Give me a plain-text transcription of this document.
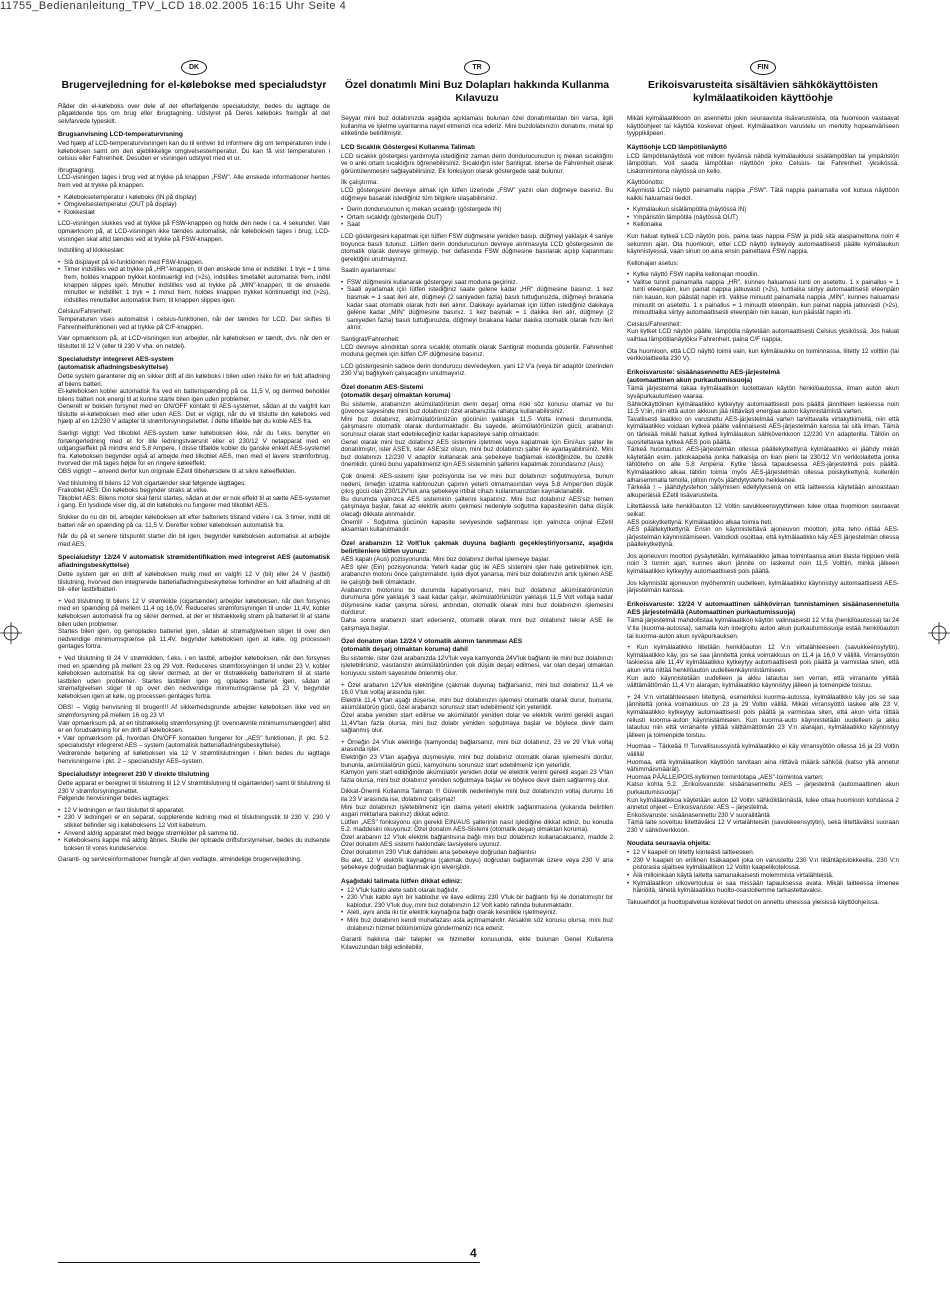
11755_Bedienanleitung_TPV_LCD 18.02.2005 16:15 Uhr Seite 4
DK
Brugervejledning for el-kølebokse med specialudstyr

Råder din el-køleboks over dele af det efterfølgende specialudstyr, bedes du iagttage de pågældende tips om brug eller ibrugtagning. Udstyret på Deres køleboks fremgår af det selvfarvede typeskilt.

Brugsanvisning LCD-temperaturvisning

Ved hjælp af LCD-temperaturvisningen kan du til enhver tid informere dig om temperaturen inde i køleboksen samt om den øjeblikkelige omgivelsestemperatur. Du kan få vist temperaturen i celsius eller Fahrenheit. Desuden er visningen udstyret med et ur.

Ibrugtagning:
LCD-visningen tages i brug ved at trykke på knappen „FSW". Alle ønskede informationer hentes frem ved at trykke på knappen.

• Køleboksetemperatur i køleboks (IN på display)
• Omgivelsestemperatur (OUT på display)
• Klokkeslæt

LCD-visningen slukkes ved at trykke på FSW-knappen og holde den nede i ca. 4 sekunder. Vær opmærksom på, at LCD-visningen ikke tændes automatisk, når køleboksen tages i brug; LCD-visningen skal altid tændes ved at trykke på FSW-knappen.

Indstilling af klokkeslæt:

• Slå displayet på ki-funktionen med FSW-knappen.
• Timer indstilles ved at trykke på „HR"-knappen, til den ønskede time er indstillet. 1 tryk = 1 time frem, holdes knappen trykket kontinuerligt ind (>2s), indstilles timetallet automatisk frem, indtil knappen slippes igen. Minutter indstilles ved at trykke på „MIN"-knappen, til de ønskede minutter er indstillet: 1 tryk = 1 minut frem, holdes knappen trykket kontinuerligt ind (>2s), indstilles minuttallet automatisk frem, til knappen slippes igen.

Celsius/Fahrenheit:
Temperaturen vises automatisk i celsius-funktionen, når der tændes for LCD. Der skiftes til Fahrenheitfunktionen ved at trykke på C/F-knappen.

Vær opmærksom på, at LCD-visningen kun arbejder, når køleboksen er tændt, dvs. når den er tilsluttet til 12 V (eller til 230 V vha. en netdel).

Specialudstyr integreret AES-system
(automatisk afladningsbeskyttelse)

Dette system garanterer dig en sikker drift af din køleboks i bilen uden risiko for en fuld afladning af bilens batteri.
El-køleboksen kobler automatisk fra ved en batterispænding på ca. 11,5 V, og dermed beholder bilens batteri nok energi til at kunne starte bilen igen uden problemer.
Generelt er boksen forsynet med en ON/OFF kontakt til AES-systemet, sådan at du valgfrit kan tilslutte el-køleboksen med eller uden AES. Det er vigtigt, når du vil tilslutte din køleboks ved hjælp af en 12/230 V adapter til strømforsyningsnettet. I dette tilfælde bør du koble AES fra.

Særligt vigtigt: Ved tilkoblet AES-system køler køleboksen ikke, når du f.eks. benytter en forlængerledning med et for lille ledningstværsnit eller et 230/12 V netapparat med en udgangseffekt på mindre end 5,8 Ampere. I disse tilfælde kobler du ganske enkelt AES-systemet fra. Køleboksen begynder også at arbejde med tilkoblet AES, men med et lavere strømforbrug, hvorved der må tages højde for en ringere køleeffekt.
OBS vigtigt! – anvend derfor kun originale EZetil tilbehørsdele til at sikre køleeffekten.

Ved tilslutning til bilens 12 Volt cigartænder skal følgende iagttages:
Frakoblet AES: Din køleboks begynder straks at virke.
Tilkoblet AES: Bilens motor skal først startes, sådan at der er nok effekt til at sætte AES-systemet i gang. En lysdiode viser dig, at din køleboks nu fungerer med tilkoblet AES.

Slukker du nu din bil, arbejder køleboksen alt efter batteriets tilstand videre i ca. 3 timer, indtil dit batteri når en spænding på ca. 11,5 V. Derefter kobler køleboksen automatisk fra.

Når du på et senere tidspunkt starter din bil igen, begynder køleboksen automatisk at arbejde med AES.

Specialudstyr 12/24 V automatisk strømidentifikation med integreret AES (automatisk afladningsbeskyttelse)

Dette system gør en drift af køleboksen mulig med en valgfri 12 V (bil) eller 24 V (lastbil) tilslutning, hvorved den integrerede batteriafladningsbeskyttelse forhindrer en fuld afladning af dit bil- eller lastbilbatteri.

+ Ved tilslutning til bilens 12 V strømkilde (cigartænder) arbejder køleboksen, når den forsynes med en spænding på mellem 11,4 og 16,0V. Reduceres strømforsyningen til under 11,4V, kobler køleboksen automatisk fra og sikrer dermed, at der er tilstrækkelig strøm på batteriet til at starte bilen uden problemer.
Startes bilen igen, og genoplades batteriet igen, sådan at strømafgivelsen stiger til over den nedvendige minimumsgrænse på 11,4V, begynder køleboksen igen at køle, og processen gentages fortra.

+ Ved tilslutning til 24 V strømkilden, f.eks. i en lastbil, arbejder køleboksen, når den forsynes med en spænding på mellem 23 og 29 Volt. Reduceres strømforsyningen til under 23 V, kobler køleboksen automatisk fra og sikrer dermed, at der er tilstrækkelig batteristrøm til at starte lastbilen uden problemer. Startes lastbilen igen og oplades batteriet igen, sådan at strømafgivelsen stiger til op over den nedvendige minimumsgrænse på 23 V, begynder køleboksen igen at køle, og processen gentages fortra.

OBS! – Vigtig henvisning til brugen!!! Af sikkerhedsgrunde arbejder køleboksen ikke ved en strømforsyning på mellem 16 og 23 V!
Vær opmærksom på, at en tilstrækkelig strømforsyning (jf. ovennævnte minimumsmængder) altid er en forudsætning for en drift af køleboksen.
• Vær opmærksom på, hvordan ON/OFF kontakten fungerer for „AES" funktionen, jf. pkt. 5.2. specialudstyr integreret AES – system (automatisk batteriafladningsbeskyttelse).
Vedrørende betjening af køleboksen via 12 V strømtilslutningen i bilen bedes du iagttage henvisningerne i pkt. 2 – specialudstyr AES–system.

Specialudstyr integreret 230 V direkte tilslutning

Dette apparat er beregnet til tilslutning til 12 V strømtilslutning til cigartænder) samt til tilslutning til 230 V strømforsyningsnettet.
Følgende henvisninger bedes iagttages:

• 12 V ledningen er fast tilsluttet til apparatet.
• 230 V ledningen er en separat, supplerende ledning med et tilslutningsstik til 230 V. 230 V stikket befinder sig i køleboksens 12 Volt kabelrum.
• Anvend aldrig apparatet med begge strømkilder på samme tid.
• Køleboksens kappe må aldrig åbnes. Skulle der optræde driftsforstyrrelser, bedes du indsende boksen til vores kundeservice.

Garanti- og serviceinformationer fremgår af den vedlagte, almindelige brugervejledning.

TR
Özel donatımlı Mini Buz Dolapları hakkında Kullanma Kılavuzu

Seyyar mini buz dolabınızda aşağıda açıklaması bulunan özel donatımlardan biri varsa, ilgili kullanma ve işletme uyarılarına nayet etmenizi rica ederiz. Mini buzdolabınızın donatımı, metal tip etiketinde belirtilmiştir.

LCD Sıcaklık Göstergesi Kullanma Talimatı

LCD sıcaklık göstergesi yardımıyla istediğiniz zaman derin dondurucunuzun iç mekan sıcaklığını ve o anki ortam sıcaklığını öğrenebilirsiniz. Sıcaklığın ister Santigrat, isterse de Fahrenheit olarak görüntülenmesini sağlayabilirsiniz. Ek fonksiyon olarak göstergede saat bulunur.

İlk çalıştırma:
LCD göstergesini devreye almak için lütfen üzerinde „FSW" yazılı olan düğmeye basınız. Bu düğmeye basarak istediğiniz tüm bilgilere ulaşabilirsiniz.

• Derin dondurucunun iç mekan sıcaklığı (göstergede IN)
• Ortam sıcaklığı (göstergede OUT)
• Saat

LCD göstergesini kapatmak için lütfen FSW düğmesine yeniden basıp, düğmeyi yaklaşık 4 saniye boyunca basılı tutunuz. Lütfen derin dondurucunun devreye alınmasıyla LCD göstergesinin de otomatik olarak devreye girmeyip, her defasında FSW düğmesine basılarak açılıp kapanması gerektiğini unutmayınız.

Saatin ayarlanması:

• FSW düğmesini kullanarak göstergeyi saat moduna geçiriniz.
• Saati ayarlamak için lütfen istediğiniz saate gelene kadar „HR" düğmesine basınız. 1 kez basmak = 1 saat ileri alır, düğmeyi (2 saniyeden fazla) basılı tuttuğunuzda, düğmeyi bırakana kadar saat otomatik olarak hızlı ileri alınır. Dakikayı ayarlamak için lütfen istediğiniz dakikaya gelene kadar „MIN" düğmesine basınız. 1 kez basmak = 1 dakika ileri alır, düğmeyi (2 saniyeden fazla) basılı tuttuğunuzda, düğmeyi bırakana kadar dakika otomatik olarak hızlı ileri alınır.

Santigrat/Fahrenheit:
LCD devreye alındıktan sonra sıcaklık otomatik olarak Santigrat modunda gösterilir. Fahrenheit moduna geçmek için lütfen C/F düğmesine basınız.

LCD göstergesinin sadece derin dondurucu devredeyken, yani 12 V'a (veya bir adaptör üzerinden 230 V'a) bağlıyken çalışacağını unutmayınız.

Özel donatım AES-Sistemi
(otomatik deşarj olmaktan koruma)

Bu sistemle, arabanızın akümülatörünün derin deşarj olma riski söz konusu olamaz ve bu güvence sayesinde mini buz dolabınızı özel arabanızda rahatça kullanabilirsiniz.
Mini buz dolabınız, akümülatörünüzün gücünün yaklaşık 11,5 Volta inmesi durumunda, çalışmasını otomatik olarak durdurmaktadır. Bu sayede, akümülatörünüzün gücü, arabanızı sorunsuz olarak start edebileceğiniz kadar kapasiteye sahip olmaktadır.
Genel olarak mini buz dolabınız AES sistemini işletmek veya kapatmak için Ein/Aus şalter ile donatılmıştır, ister ASE'li, ister ASE'siz olsun, mini buz dolabınızı şalter ile ayarlayabilirsiniz. Mini buz dolabınızı 12/230 V adaptör kullanarak ana şebekeye bağlamak istediğinizde, bu özellik önemlidir, çünkü bunu yapabilmeniz için AES sisteminin şalterini kapatmak zorundasınız (Aus).

Çok önemli: AES-sistemi işler pozisyonda ise ve mini buz dolabınızı soğutmuyorsa, bunun nedeni, örneğin uzatma kablonuzun çapının yeterli olmamasından veya 5,8 Amper'den düşük çıkış gücü olan 230/12V'luk ana şebekeye irtibat cihazı kullanmanızdan kaynaklanabilir.
Bu durumda yalnızca AES sisteminin şalterini kapatınız. Mini buz dolabınız AES'siz hemen çalışmaya başlar, fakat az elektrik akımı çekmesi nedeniyle soğutma kapasitesinin daha düşük olacağı dikkate alınmalıdır.
Önemli! - Soğutma gücünün kapasite seviyesinde sağlanması için yalnızca orijinal EZetil aksamları kullanılmalıdır.

Özel arabanızın 12 Volt'luk çakmak duyuna bağlantı geçekleştiriyorsanız, aşağıda belirtilenlere lütfen uyunuz:

AES kapalı (Aus) pozisyonunda: Mini buz dolabınız derhal işlemeye başlar.
AES işler (Ein) pozisyonunda: Yeterli kadar güç ile AES sistemini işler hale getirebilmek için, arabanızın motoru önce çalıştırmalıdır. Işıklı diyot yanarsa, mini buz dolabınızın artık işlenen ASE ile çalıştığı belli olmaktadır.
Arabanızın motorunu bu durumda kapatıyorsanız, mini buz dolabınız akümülatörünüzün durumuna göre yaklaşık 3 saat kadar çalışır, akümülatörünüzün yaklaşık 11,5 Volt voltaja kadar düşmesine kadar çalışma süresi, ardından, otomatik olarak mini buz dolabınızın işlemesini durdurur.
Daha sonra arabanızı start ederseniz, otomatik olarak mini buz dolabınız tekrar ASE ile çalışmaya başlar.

Özel donatım olan 12/24 V otomatik akımın tanınması AES
(otomatik deşarj olmaktan koruma) dahil

Bu sistemle, ister özel arabanızda 12V'luk veya kamyonda 24V'luk bağlantı ile mini buz dolabınızı işletebilirsiniz, vasıtanızın akümülatöründen çok düşük deşarj edilmesi, var olan deşarj olmaktan koruyucu sistem sayesinde önlenmiş olur.

+ Özel arabanın 12V'luk elektriğine (çakmak duyuna) bağlarsanız, mini buz dolabınız 11,4 ve 16,0 V'luk voltaj arasında işler.
Elektrik 11,4 V'tan aşağı düşerse, mini buz dolabınızın işlemesi otomatik olarak durur, bununla, akümülatörün gücü, özel arabanızı sorunsuz start edebilmeniz için yeterlidir.
Özel araba yeniden start edilirse ve akümülatör yeniden dolar ve elektrik verimi gerekli asgari 11,4V'tan fazla olursa, mini buz dolabı yeniden soğutmaya başlar ve böylece devir daim sağlanmış olur.

+ Örneğin 24 V'luk elektriğe (kamyonda) bağlarsanız, mini buz dolabınız, 23 ve 29 V'luk voltaj arasında işler.
Elektriğin 23 V'tan aşağıya düşmesiyle, mini buz dolabınız otomatik olarak işlemesini durdur, bununla, akümülatörün gücü, kamyonunu sorunsuz start edebilmeniz için yeterlidir.
Kamyon yeni start edildiğinde akümülatör yeniden dolar ve elektrik verimi gerekli asgari 23 V'tan fazla olursa, mini buz dolabınız yeniden soğutmaya başlar ve böylece devir daim sağlanmış olur.

Dikkat-Önemli Kullanma Talimatı !!! Güvenlik nedenleriyle mini buz dolabınızın voltaj durumu 16 ila 23 V arasında ise, dolabınız çalışmaz!
Mini buz dolabınızı işletebilmeniz için daima yeterli elektrik sağlanmasına (yukarıda belirtilen asgari miktarlara bakınız) dikkat ediniz.
Lütfen „AES" fonksiyonu için gerekli EIN/AUS şalterinin nasıl işlediğine dikkat ediniz, bu konuda 5.2. maddesini okuyunuz: Özel donatım AES-Sistemi (otomatik deşarj olmaktan koruma).
Özel arabanın 12 V'luk elektrik bağlantısına bağlı mini buz dolabınızı kullanacaksanız, madde 2 Özel donatım AES sistemi hakkındaki tavsiyelere uyunuz.
Özel donatımın 230 V'luk dahildeki ana şebekeye doğrudan bağlantısı
Bu alet, 12 V elektrik kaynağına (çakmak duyu) doğrudan bağlanmak üzere veya 230 V ana şebekeye doğrudan bağlanmak için elverişlidir.

Aşağıdaki talimata lütfen dikkat ediniz:
• 12 V'luk kablo alete sabit olarak bağlıdır.
• 230 V'luk kablo ayrı bir kablodur ve ilave edilmiş 230 V'luk bir bağlantı fişi ile donatılmıştır bir kablodur. 230 V'luk duy, mini buz dolabınızın 12 Volt kablo rafında bulunmaktadır.
• Aleti, aynı anda iki tür elektrik kaynağına bağlı olarak kesinlikle işletmeyiniz.
• Mini buz dolabının kendi muhafazası asla açılmamalıdır. Aksaklık söz konusu olursa, mini buz dolabınızı hizmet bölümümüze göndermenizi rica ederiz.

Garanti hakkına dair talepler ve hizmetler konusunda, ekte bulunan Genel Kullanma Kılavuzundan bilgi edinilebilir.

FIN
Erikoisvarusteita sisältävien sähkökäyttöisten kylmälaatikoiden käyttöohje

Mikäli kylmälaatikkoon on asennettu jokin seuraavista lisävarusteista, ota huomioon vastaavat käyttöohjeet tai käyttöä koskevat ohjeet. Kylmälaatikon varustelu on merkitty hopeanväriseen tyyppikilpeen.

Käyttöohje LCD lämpötilanäyttö

LCD lämpötilanäytöstä voit milloin hyvänsä nähdä kylmälaukkusi sisälämpötilan tai ympäristön lämpötilan. Voit saada lämpötilan näyttöön joko Celsius- tai Fahrenheit -yksikössä. Lisäominintona näytössä on kello.

Käyttöönotto:
Käynnistä LCD näyttö painamalla nappia „FSW". Tätä nappia painamalla voit kutsua näyttöön kaikki haluamasi tiedot.

• Kylmälaukun sisälämpötila (näytössä IN)
• Ympäristön lämpötila (näytössä OUT)
• Kellonaika

Kun haluat kytkeä LCD näytön pois, paina taas nappia FSW ja pidä sitä alaspainettuna noin 4 sekunnin ajan. Ota huomioon, ettei LCD näyttö kytkeydy automaattisesti päälle kylmälaukun käynnistyessä, vaan sinun on aina ensin painettava FSW nappia.

Kellonajan asetus:

• Kytke näyttö FSW napilla kellonajan moodiin.
• Valitse tunnit painamalla nappia „HR", kunnes haluamasi tunti on asetettu. 1 x painallus = 1 tunti eteenpäin, kun painat nappia jatkuvasti (>2s), tuntiaika siirtyy automaattisesti eteenpäin niin kauan, kun päästät napin irti. Valitse minuutit painamalla nappia „MIN", kunnes haluamasi minuutit on asetettu. 1 x painallus = 1 minuutti eteenpäin, kun painat nappia jatkuvasti (>2s), minuuttiaika siirtyy automaattisesti eteenpäin niin kauan, kun päästät napin irti.

Celsius/Fahrenheit:
Kun kytket LCD näytön päälle, lämpötila näytetään automaattisesti Celsius yksikössä. Jos haluat vaihtaa lämpötilanäytöksi Fahrenheit, paina C/F nappia.

Ota huomioon, että LCD näyttö toimii vain, kun kylmälaukku on toiminnassa, liitetty 12 volttiin (tai verkkolaitteella 230 V).

Erikoisvaruste: sisäänasennettu AES-järjestelmä
(automaattinen akun purkautumissuoja)

Tämä järjestelmä takaa kylmälaatikon luotettavan käytön henkilöautossa, ilman auton akun syväpurkautumisen vaaraa.
Sähkökäyttöinen kylmälaatikko kytkeytyy automaattisesti pois päältä jännitteen laskiessa noin 11,5 V:iin, niin että auton akkuun jää riittävästi energiaa auton käynnistämistä varten.
Tavallisesti laatikko on varustettu AES-järjestelmää varten tarvittavalla virtakytkimellä, niin että kylmälaatikko voidaan kytkeä päälle valinnaisesti AES-järjestelmän kanssa tai sitä ilman. Tämä on tärkeää mikäli haluat kytkeä kylmälaukun sähköverkkoon 12/230 V:n adapterilla. Tällöin on suositeltavaa kytkeä AES pois päältä.
Tärkeä huomautus: AES-järjestelmän ollessa päällekytkettynä kylmälaatikko ei jäähdy mikäli käytetään esim. jatkokaapelia jonka halkaisija on liian pieni tai 230/12 V:n verkkolaitetta jonka lähtöteho on alle 5,8 Amperia. Kytke tässä tapauksessa AES-järjestelmä pois päältä. Kylmälaatikko alkaa tällöin toimia myös AES-järjestelmän ollessa poiskytkettynä, kuitenkin alhaisemmalla teholla, jolloin myös jäähdytysteho heikkenee.
Tärkeää ! – jäähdytystehon säilymisen edellytyksenä on että laitteessa käytetään ainoastaan alkuperäisiä EZetil lisävarusteita.

Liitettäessä laite henkilöauton 12 Voltin savukkeensytyttimeen tulee ottaa huomioon seuraavat seikat:
AES poiskytkettynä: Kylmälaatikko alkaa toimia heti.
AES päällekytkettynä: Ensin on käynnistettävä ajoneuvon moottori, jotta teho riittää AES-järjestelmän käynnistämiseen. Valodiodi osoittaa, että kylmälaatikko käy AES järjestelmän ollessa päällekytkettynä.

Jos ajoneuvon moottori pysäytetään, kylmälaatikko jatkaa toimintaansa akun tilasta riippuen vielä noin 3 tunnin ajan, kunnes akun jännite on laskenut noin 11,5 Volttiin, minkä jälkeen kylmälaatikko kytkeytyy automaattisesti pois päältä.

Jos käynnistät ajoneuvon myöhemmin uudelleen, kylmälaatikko käynnistyy automaattisesti AES-järjestelmän kanssa.

Erikoisvaruste: 12/24 V automaattinen sähkövirran tunnistaminen sisäänasennetulla AES järjestelmällä (Automaattinen purkautumissuoja)

Tämä järjestelmä mahdollistaa kylmälaatikon käytön valinnaisesti 12 V:lla (henkilöautossa) tai 24 V:lla (kuorma-autossa), samalla kun integroitu auton akun purkautumissuoja estää henkilöauton tai kuorma-auton akun syväpurkauksen.

+ Kun kylmälaatikko liitetään henkilöauton 12 V:n virtalähteeseen (savukkeensytytin), kylmälaatikko käy, jos se saa jännitettä jonka voimakkuus on 11,4 ja 16,0 V välillä. Virransyötön laskiessa alle 11,4V kylmälaatikko kytkeytyy automaattisesti pois päältä ja varmistaa siten, että akun virta riittää henkilöauton uudelleenkäynnistämiseen.
Kun auto käynnistetään uudelleen ja akku latautuu sen verran, että virranante ylittää välttämättömän 11,4 V:n alarajan, kylmälaatikko käynnistyy jälleen ja toimenpide toistuu.

+ 24 V:n virtalähteeseen liitettynä, esimerkiksi kuorma-autossa, kylmälaatikko käy jos se saa jännitettä jonka voimakkuus on 23 ja 29 Voltin välillä. Mikäli virransyöttö laskee alle 23 V, kylmälaatikko kytkeytyy automaattisesti pois päältä ja varmistaa siten, että akun virta riittää reilusti kuorma-auton käynnistämiseen. Kun kuorma-auto käynnistetään uudelleen ja akku latautuu niin että virranante ylittää välttämättömän 23 V:n alarajan, kylmälaatikko käynnistyy jälleen ja toimenpide toistuu.

Huomaa – Tärkeää !!! Turvallisuussyistä kylmälaatikko ei käy virransyötön ollessa 16 ja 23 Voltin välillä!
Huomaa, että kylmälaatikon käyttöön tarvitaan aina riittävä määrä sähköä (katso yllä annetut vähimmäismäärät).
Huomaa PÄÄLLE/POIS-kytkimen toimintotapa „AES"-toimintoa varten;
Katso kohta 5.2. „Erikoisvaruste: sisäänasennettu AES – järjestelmä (automaattinen akun purkautumissuoja)"
Kun kylmälaatikkoa käytetään auton 12 Voltin sähköliitännästä, tulee ottaa huomioon kohdassa 2 annetut ohjeet – Erikoisvaruste: AES – järjestelmä.
Erikoisvaruste: sisäänasennettu 230 V suoraliitäntä
Tämä laite soveltuu liitettäväksi 12 V virtalähteisiin (savukkeensytytin), sekä liitettäväksi suoraan 230 V sähköverkkoon.

Noudata seuraavia ohjeita:
• 12 V kaapeli on liitetty kiinteästi laitteeseen.
• 230 V kaapeli on erillinen lisäkaapeli joka on varustettu 230 V:n liitäntäpistokkeella. 230 V:n pistorasia sijaitsee kylmälaatikon 12 Voltin kaapelikotelossa.
• Älä milloinkaan käytä laitetta samanaikaisesti molemmista virtalähteistä.
• Kylmälaatikon ulkovertoulua ei saa missään tapauksessa avata. Mikäli laitteessa ilmenee häiriöitä, lähetä kylmälaatikko huolto-osastollemme tarkastettavaksi.

Takuuehdot ja huoltopalvelua koskevat tiedot on annettu ohesissa yleisissä käyttöohjeissa.

4
